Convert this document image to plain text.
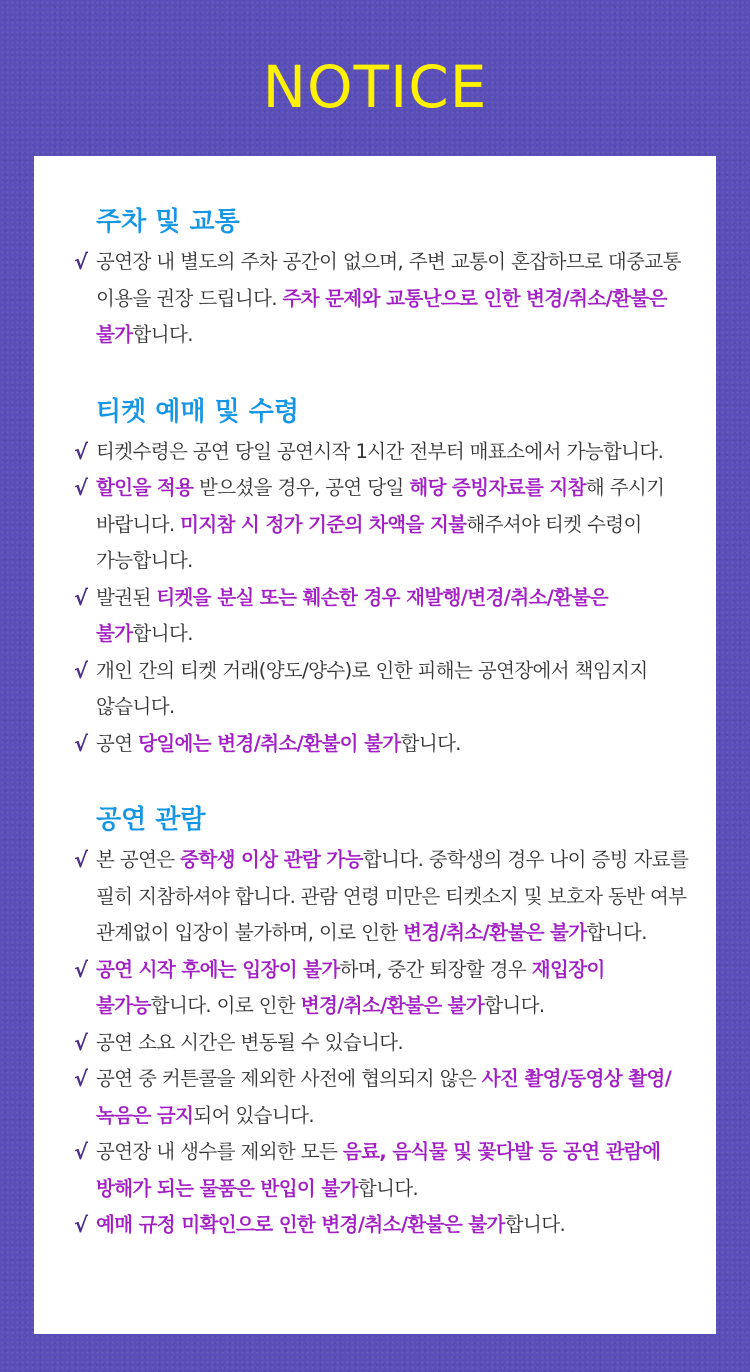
NOTICE
주차 및 교통
√ 공연장 내 별도의 주차 공간이 없으며, 주변 교통이 혼잡하므로 대중교통 이용을 권장 드립니다. 주차 문제와 교통난으로 인한 변경/취소/환불은 불가합니다.
티켓 예매 및 수령
√ 티켓수령은 공연 당일 공연시작 1시간 전부터 매표소에서 가능합니다.
√ 할인을 적용 받으셨을 경우, 공연 당일 해당 증빙자료를 지참해 주시기 바랍니다. 미지참 시 정가 기준의 차액을 지불해주셔야 티켓 수령이 가능합니다.
√ 발권된 티켓을 분실 또는 훼손한 경우 재발행/변경/취소/환불은 불가합니다.
√ 개인 간의 티켓 거래(양도/양수)로 인한 피해는 공연장에서 책임지지 않습니다.
√ 공연 당일에는 변경/취소/환불이 불가합니다.
공연 관람
√ 본 공연은 중학생 이상 관람 가능합니다. 중학생의 경우 나이 증빙 자료를 필히 지참하셔야 합니다. 관람 연령 미만은 티켓소지 및 보호자 동반 여부 관계없이 입장이 불가하며, 이로 인한 변경/취소/환불은 불가합니다.
√ 공연 시작 후에는 입장이 불가하며, 중간 퇴장할 경우 재입장이 불가능합니다. 이로 인한 변경/취소/환불은 불가합니다.
√ 공연 소요 시간은 변동될 수 있습니다.
√ 공연 중 커튼콜을 제외한 사전에 협의되지 않은 사진 촬영/동영상 촬영/녹음은 금지되어 있습니다.
√ 공연장 내 생수를 제외한 모든 음료, 음식물 및 꽃다발 등 공연 관람에 방해가 되는 물품은 반입이 불가합니다.
√ 예매 규정 미확인으로 인한 변경/취소/환불은 불가합니다.
